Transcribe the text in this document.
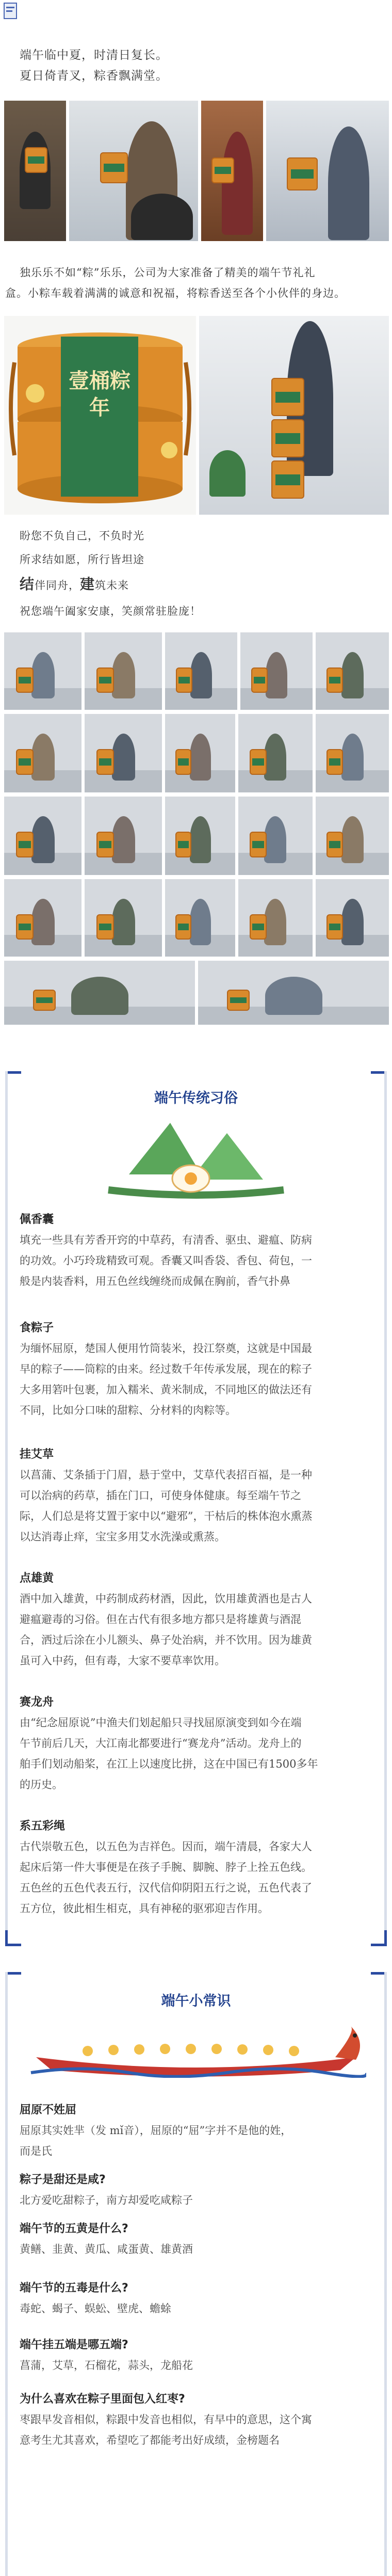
端午临中夏，时清日复长。
夏日倚青叉，粽香飘满堂。
独乐乐不如“粽”乐乐，公司为大家准备了精美的端午节礼礼
盒。小粽车载着满满的诚意和祝福，将粽香送至各个小伙伴的身边。
壹桶粽年
盼您不负自己，不负时光
所求结如愿，所行皆坦途
结伴同舟，建筑未来
祝您端午阖家安康，笑颜常驻脸庞！
端午传统习俗
佩香囊
填充一些具有芳香开窍的中草药，有清香、驱虫、避瘟、防病
的功效。小巧玲珑精致可观。香囊又叫香袋、香包、荷包，一
般是内装香料，用五色丝线缠绕而成佩在胸前，香气扑鼻
食粽子
为缅怀屈原，楚国人便用竹筒装米，投江祭奠，这就是中国最
早的粽子——筒粽的由来。经过数千年传承发展，现在的粽子
大多用箬叶包裹，加入糯米、黄米制成，不同地区的做法还有
不同，比如分口味的甜粽、分材料的肉粽等。
挂艾草
以菖蒲、艾条插于门眉，悬于堂中，艾草代表招百福，是一种
可以治病的药草，插在门口，可使身体健康。每至端午节之
际，人们总是将艾置于家中以“避邪”，干枯后的株体泡水熏蒸
以达消毒止痒，宝宝多用艾水洗澡或熏蒸。
点雄黄
酒中加入雄黄，中药制成药材酒，因此，饮用雄黄酒也是古人
避瘟避毒的习俗。但在古代有很多地方都只是将雄黄与酒混
合，洒过后涂在小儿额头、鼻子处治病，并不饮用。因为雄黄
虽可入中药，但有毒，大家不要草率饮用。
赛龙舟
由“纪念屈原说”中渔夫们划起船只寻找屈原演变到如今在端
午节前后几天，大江南北都要进行“赛龙舟”活动。龙舟上的
舶手们划动船桨，在江上以速度比拼，这在中国已有1500多年
的历史。
系五彩绳
古代崇敬五色，以五色为吉祥色。因而，端午清晨，各家大人
起床后第一件大事便是在孩子手腕、脚腕、脖子上拴五色线。
五色丝的五色代表五行，汉代信仰阴阳五行之说，五色代表了
五方位，彼此相生相克，具有神秘的驱邪迎吉作用。
端午小常识
屈原不姓屈
屈原其实姓芈（发 mǐ音），屈原的“屈”字并不是他的姓，
而是氏
粽子是甜还是咸?
北方爱吃甜粽子，南方却爱吃咸粽子
端午节的五黄是什么?
黄鳝、韭黄、黄瓜、咸蛋黄、雄黄酒
端午节的五毒是什么?
毒蛇、蝎子、蜈蚣、壁虎、蟾蜍
端午挂五端是哪五端?
菖蒲，艾草，石榴花，蒜头，龙船花
为什么喜欢在粽子里面包入红枣?
枣跟早发音相似，粽跟中发音也相似，有早中的意思，这个寓
意考生尤其喜欢，希望吃了都能考出好成绩，金榜题名
